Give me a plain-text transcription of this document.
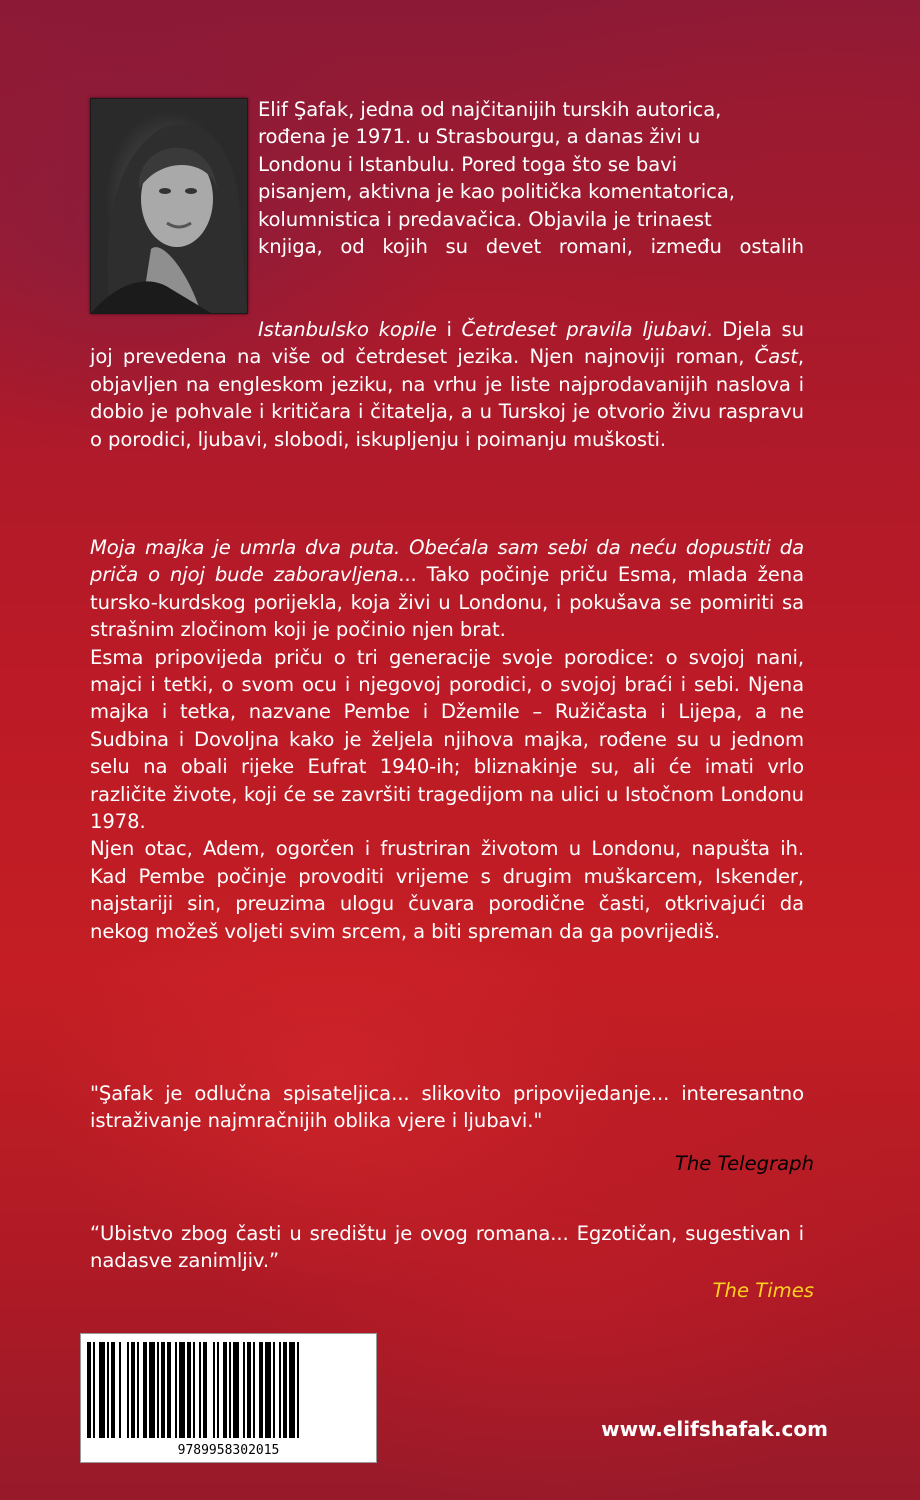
Elif Şafak, jedna od najčitanijih turskih autorica,

rođena je 1971. u Strasbourgu, a danas živi u

Londonu i Istanbulu. Pored toga što se bavi

pisanjem, aktivna je kao politička komentatorica,

kolumnistica i predavačica. Objavila je trinaest

knjiga, od kojih su devet romani, između ostalih

Istanbulsko kopile i Četrdeset pravila ljubavi. Djela su joj prevedena na više od četrdeset jezika. Njen najnoviji roman, Čast, objavljen na engleskom jeziku, na vrhu je liste najprodavanijih naslova i dobio je pohvale i kritičara i čitatelja, a u Turskoj je otvorio živu raspravu o porodici, ljubavi, slobodi, iskupljenju i poimanju muškosti.

Moja majka je umrla dva puta. Obećala sam sebi da neću dopustiti da priča o njoj bude zaboravljena... Tako počinje priču Esma, mlada žena tursko-kurdskog porijekla, koja živi u Londonu, i pokušava se pomiriti sa strašnim zločinom koji je počinio njen brat.

Esma pripovijeda priču o tri generacije svoje porodice: o svojoj nani, majci i tetki, o svom ocu i njegovoj porodici, o svojoj braći i sebi. Njena majka i tetka, nazvane Pembe i Džemile – Ružičasta i Lijepa, a ne Sudbina i Dovoljna kako je željela njihova majka, rođene su u jednom selu na obali rijeke Eufrat 1940-ih; bliznakinje su, ali će imati vrlo različite živote, koji će se završiti tragedijom na ulici u Istočnom Londonu 1978.

Njen otac, Adem, ogorčen i frustriran životom u Londonu, napušta ih. Kad Pembe počinje provoditi vrijeme s drugim muškarcem, Iskender, najstariji sin, preuzima ulogu čuvara porodične časti, otkrivajući da nekog možeš voljeti svim srcem, a biti spreman da ga povrijediš.

"Şafak je odlučna spisateljica... slikovito pripovijedanje... interesantno istraživanje najmračnijih oblika vjere i ljubavi."
The Telegraph
“Ubistvo zbog časti u središtu je ovog romana... Egzotičan, sugestivan i nadasve zanimljiv.”
The Times
9789958302015
www.elifshafak.com
